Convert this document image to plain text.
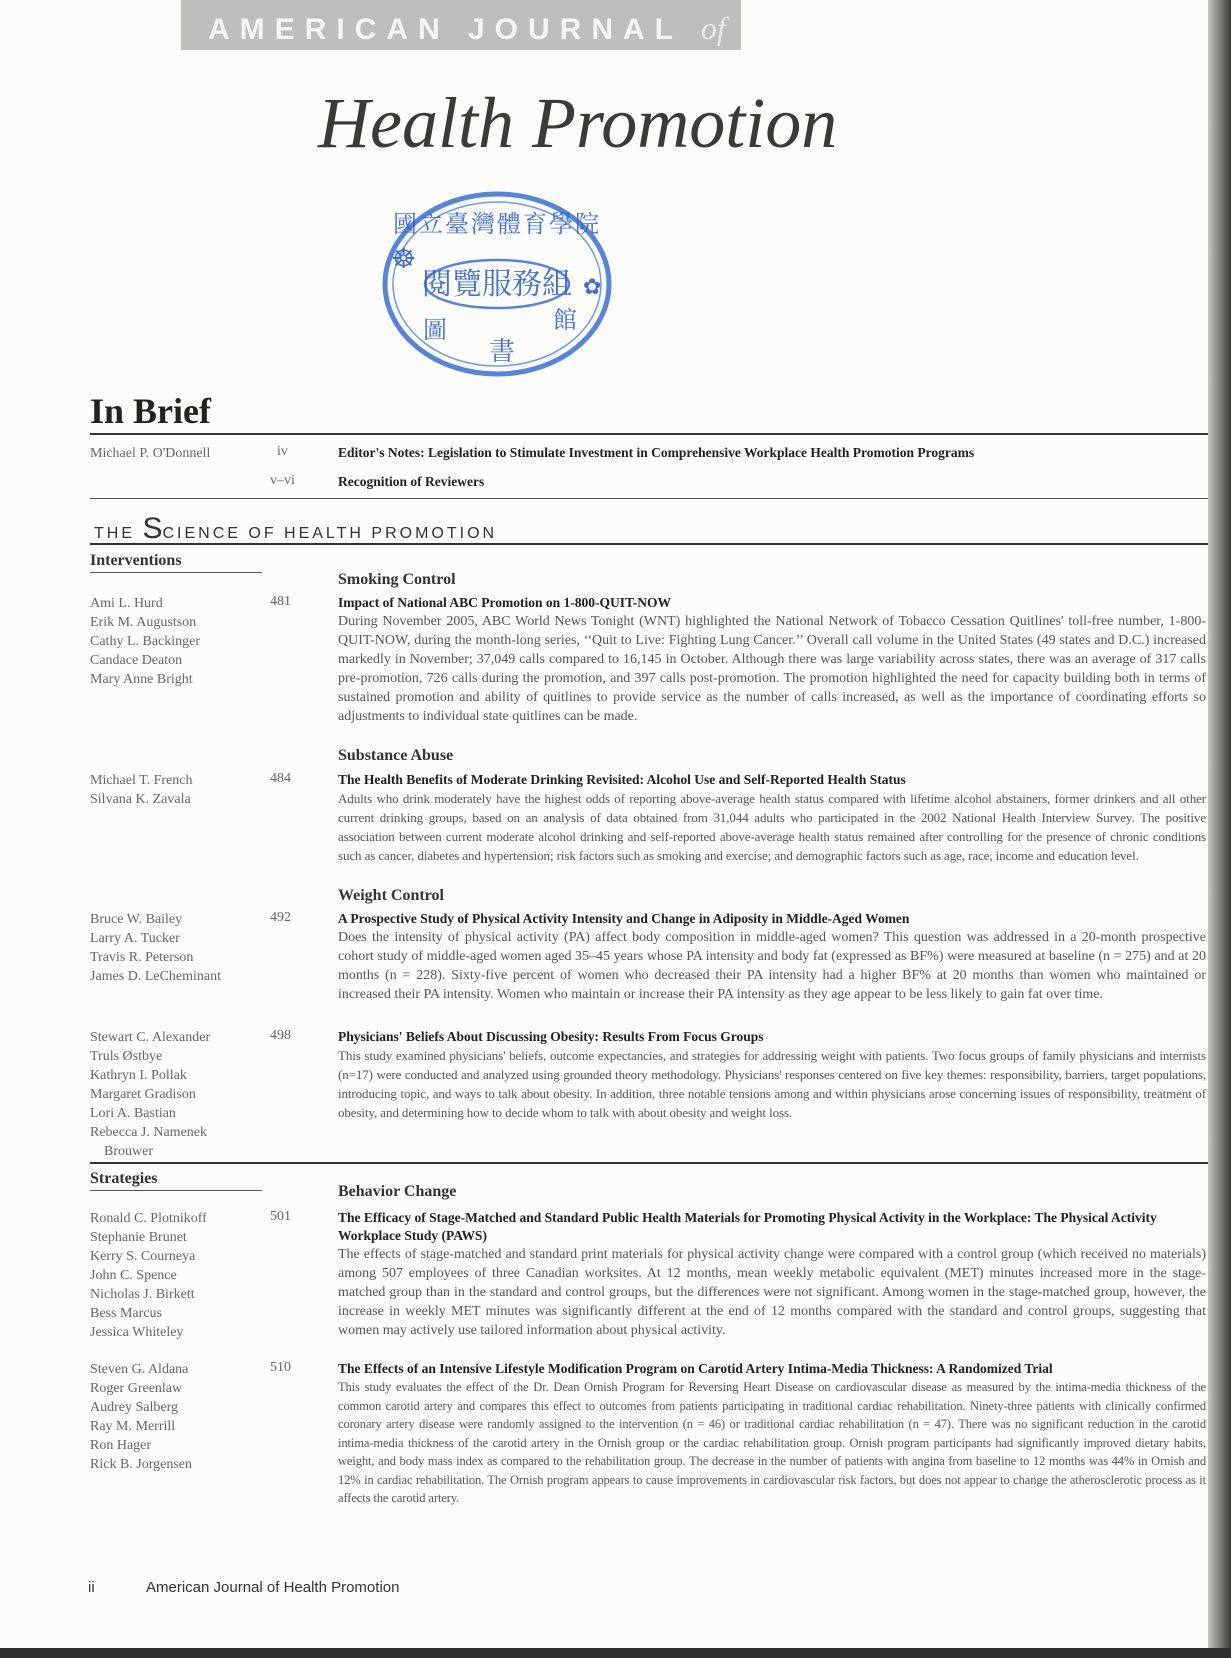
AMERICAN JOURNAL of
Health Promotion
☸
✿
國立臺灣體育學院
閱覽服務組
圖
書
館
In Brief
Michael P. O'Donnell	iv	Editor's Notes: Legislation to Stimulate Investment in Comprehensive Workplace Health Promotion Programs
v–vi	Recognition of Reviewers
THE SCIENCE OF HEALTH PROMOTION
Interventions
Smoking Control
Ami L. Hurd
Erik M. Augustson
Cathy L. Backinger
Candace Deaton
Mary Anne Bright
481	Impact of National ABC Promotion on 1-800-QUIT-NOW
During November 2005, ABC World News Tonight (WNT) highlighted the National Network of Tobacco Cessation Quitlines' toll-free number, 1-800-QUIT-NOW, during the month-long series, ‘‘Quit to Live: Fighting Lung Cancer.’’ Overall call volume in the United States (49 states and D.C.) increased markedly in November; 37,049 calls compared to 16,145 in October. Although there was large variability across states, there was an average of 317 calls pre-promotion, 726 calls during the promotion, and 397 calls post-promotion. The promotion highlighted the need for capacity building both in terms of sustained promotion and ability of quitlines to provide service as the number of calls increased, as well as the importance of coordinating efforts so adjustments to individual state quitlines can be made.
Substance Abuse
Michael T. French
Silvana K. Zavala
484	The Health Benefits of Moderate Drinking Revisited: Alcohol Use and Self-Reported Health Status
Adults who drink moderately have the highest odds of reporting above-average health status compared with lifetime alcohol abstainers, former drinkers and all other current drinking groups, based on an analysis of data obtained from 31,044 adults who participated in the 2002 National Health Interview Survey. The positive association between current moderate alcohol drinking and self-reported above-average health status remained after controlling for the presence of chronic conditions such as cancer, diabetes and hypertension; risk factors such as smoking and exercise; and demographic factors such as age, race, income and education level.
Weight Control
Bruce W. Bailey
Larry A. Tucker
Travis R. Peterson
James D. LeCheminant
492	A Prospective Study of Physical Activity Intensity and Change in Adiposity in Middle-Aged Women
Does the intensity of physical activity (PA) affect body composition in middle-aged women? This question was addressed in a 20-month prospective cohort study of middle-aged women aged 35–45 years whose PA intensity and body fat (expressed as BF%) were measured at baseline (n = 275) and at 20 months (n = 228). Sixty-five percent of women who decreased their PA intensity had a higher BF% at 20 months than women who maintained or increased their PA intensity. Women who maintain or increase their PA intensity as they age appear to be less likely to gain fat over time.
Stewart C. Alexander
Truls Østbye
Kathryn I. Pollak
Margaret Gradison
Lori A. Bastian
Rebecca J. Namenek
Brouwer
498	Physicians' Beliefs About Discussing Obesity: Results From Focus Groups
This study examined physicians' beliefs, outcome expectancies, and strategies for addressing weight with patients. Two focus groups of family physicians and internists (n=17) were conducted and analyzed using grounded theory methodology. Physicians' responses centered on five key themes: responsibility, barriers, target populations, introducing topic, and ways to talk about obesity. In addition, three notable tensions among and within physicians arose concerning issues of responsibility, treatment of obesity, and determining how to decide whom to talk with about obesity and weight loss.
Strategies
Behavior Change
Ronald C. Plotnikoff
Stephanie Brunet
Kerry S. Courneya
John C. Spence
Nicholas J. Birkett
Bess Marcus
Jessica Whiteley
501	The Efficacy of Stage-Matched and Standard Public Health Materials for Promoting Physical Activity in the Workplace: The Physical Activity Workplace Study (PAWS)
The effects of stage-matched and standard print materials for physical activity change were compared with a control group (which received no materials) among 507 employees of three Canadian worksites. At 12 months, mean weekly metabolic equivalent (MET) minutes increased more in the stage-matched group than in the standard and control groups, but the differences were not significant. Among women in the stage-matched group, however, the increase in weekly MET minutes was significantly different at the end of 12 months compared with the standard and control groups, suggesting that women may actively use tailored information about physical activity.
Steven G. Aldana
Roger Greenlaw
Audrey Salberg
Ray M. Merrill
Ron Hager
Rick B. Jorgensen
510	The Effects of an Intensive Lifestyle Modification Program on Carotid Artery Intima-Media Thickness: A Randomized Trial
This study evaluates the effect of the Dr. Dean Ornish Program for Reversing Heart Disease on cardiovascular disease as measured by the intima-media thickness of the common carotid artery and compares this effect to outcomes from patients participating in traditional cardiac rehabilitation. Ninety-three patients with clinically confirmed coronary artery disease were randomly assigned to the intervention (n = 46) or traditional cardiac rehabilitation (n = 47). There was no significant reduction in the carotid intima-media thickness of the carotid artery in the Ornish group or the cardiac rehabilitation group. Ornish program participants had significantly improved dietary habits, weight, and body mass index as compared to the rehabilitation group. The decrease in the number of patients with angina from baseline to 12 months was 44% in Ornish and 12% in cardiac rehabilitation. The Ornish program appears to cause improvements in cardiovascular risk factors, but does not appear to change the atherosclerotic process as it affects the carotid artery.
ii	American Journal of Health Promotion
